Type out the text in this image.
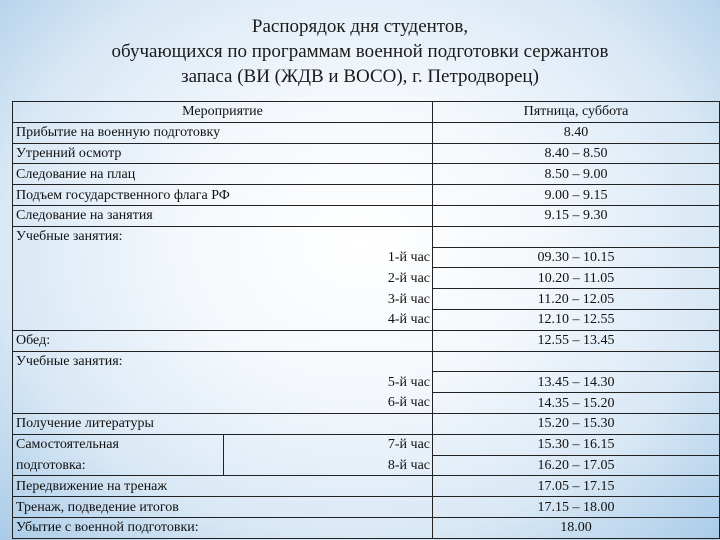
Распорядок дня студентов,
обучающихся по программам военной подготовки сержантов
запаса (ВИ (ЖДВ и ВОСО), г. Петродворец)
Мероприятие		Пятница, суббота
Прибытие на военную подготовку		8.40
Утренний осмотр		8.40 – 8.50
Следование на плац		8.50 – 9.00
Подъем государственного флага РФ		9.00 – 9.15
Следование на занятия		9.15 – 9.30
Учебные занятия:		
	1-й час	09.30 – 10.15
	2-й час	10.20 – 11.05
	3-й час	11.20 – 12.05
	4-й час	12.10 – 12.55
Обед:		12.55 – 13.45
Учебные занятия:		
	5-й час	13.45 – 14.30
	6-й час	14.35 – 15.20
Получение литературы		15.20 – 15.30
Самостоятельная	7-й час	15.30 – 16.15
подготовка:	8-й час	16.20 – 17.05
Передвижение на тренаж		17.05 – 17.15
Тренаж, подведение итогов		17.15 – 18.00
Убытие с военной подготовки:		18.00
